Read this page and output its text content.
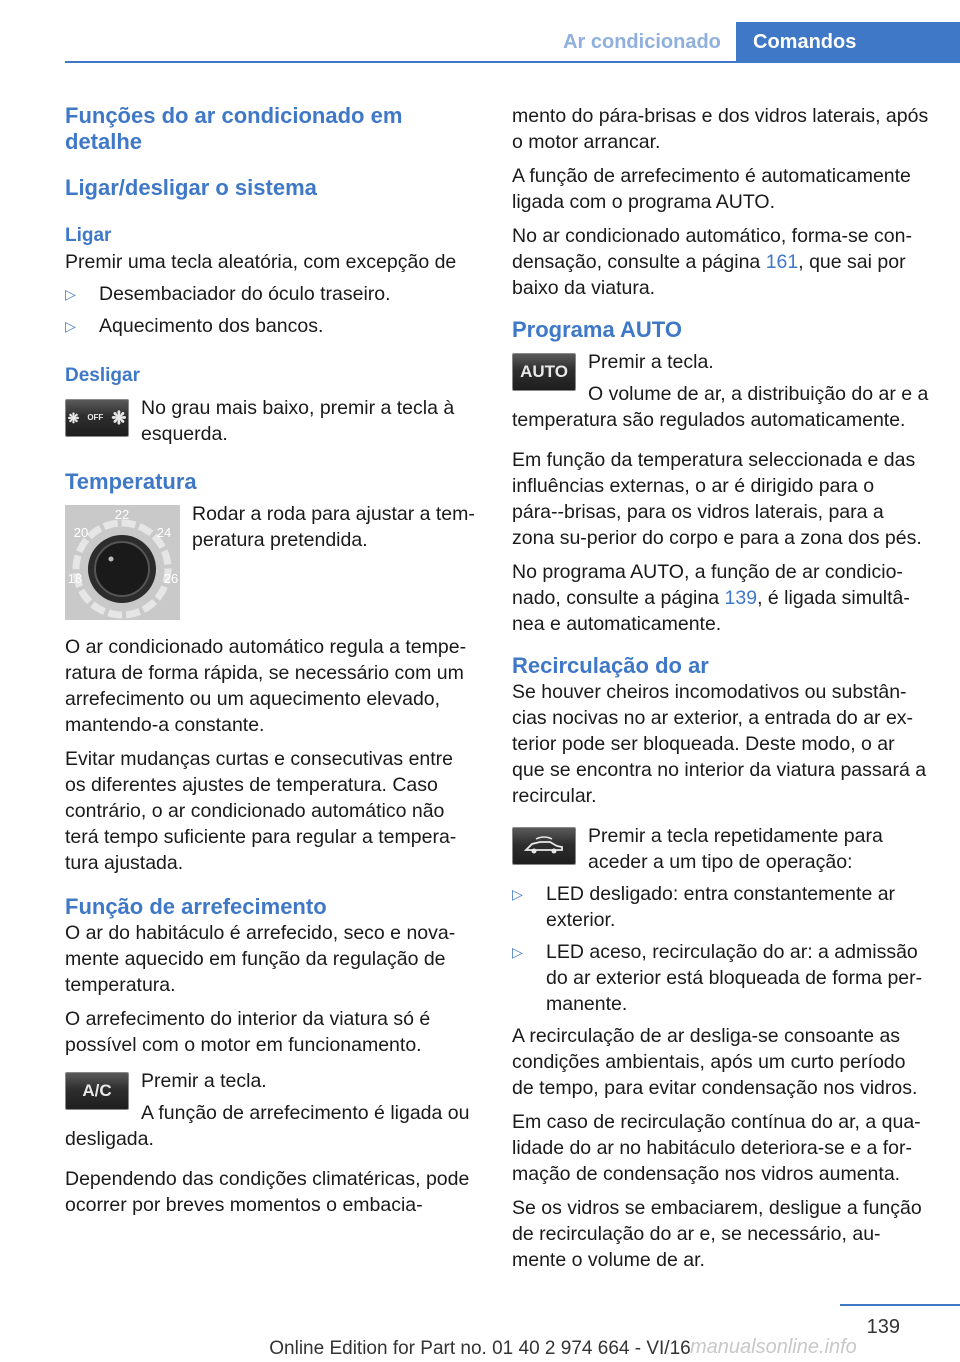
Ar condicionado	Comandos
Funções do ar condicionado em detalhe
Ligar/desligar o sistema
Ligar

Premir uma tecla aleatória, com excepção de

▷ Desembaciador do óculo traseiro.
▷ Aquecimento dos bancos.
Desligar
❋ OFF ❋ No grau mais baixo, premir a tecla à esquerda.

Temperatura
22
20	24
18	26

Rodar a roda para ajustar a tem‐peratura pretendida.

O ar condicionado automático regula a tempe‐ratura de forma rápida, se necessário com um arrefecimento ou um aquecimento elevado, mantendo-a constante.

Evitar mudanças curtas e consecutivas entre os diferentes ajustes de temperatura. Caso contrário, o ar condicionado automático não terá tempo suficiente para regular a tempera‐tura ajustada.

Função de arrefecimento

O ar do habitáculo é arrefecido, seco e nova‐mente aquecido em função da regulação de temperatura.

O arrefecimento do interior da viatura só é possível com o motor em funcionamento.

A/C	Premir a tecla.

A função de arrefecimento é ligada ou desligada.

Dependendo das condições climatéricas, pode ocorrer por breves momentos o embacia‐

mento do pára-brisas e dos vidros laterais, após o motor arrancar.

A função de arrefecimento é automaticamente ligada com o programa AUTO.

No ar condicionado automático, forma-se con‐densação, consulte a página 161, que sai por baixo da viatura.

Programa AUTO
AUTO	Premir a tecla.

O volume de ar, a distribuição do ar e a temperatura são regulados automaticamente.

Em função da temperatura seleccionada e das influências externas, o ar é dirigido para o pára‐-brisas, para os vidros laterais, para a zona su‐perior do corpo e para a zona dos pés.

No programa AUTO, a função de ar condicio‐nado, consulte a página 139, é ligada simultâ‐nea e automaticamente.

Recirculação do ar

Se houver cheiros incomodativos ou substân‐cias nocivas no ar exterior, a entrada do ar ex‐terior pode ser bloqueada. Deste modo, o ar que se encontra no interior da viatura passará a recircular.

Premir a tecla repetidamente para aceder a um tipo de operação:

▷ LED desligado: entra constantemente ar exterior.
▷ LED aceso, recirculação do ar: a admissão do ar exterior está bloqueada de forma per‐manente.

A recirculação de ar desliga-se consoante as condições ambientais, após um curto período de tempo, para evitar condensação nos vidros.

Em caso de recirculação contínua do ar, a qua‐lidade do ar no habitáculo deteriora-se e a for‐mação de condensação nos vidros aumenta.

Se os vidros se embaciarem, desligue a função de recirculação do ar e, se necessário, au‐mente o volume de ar.

139
Online Edition for Part no. 01 40 2 974 664 - VI/16 manualsonline.info
